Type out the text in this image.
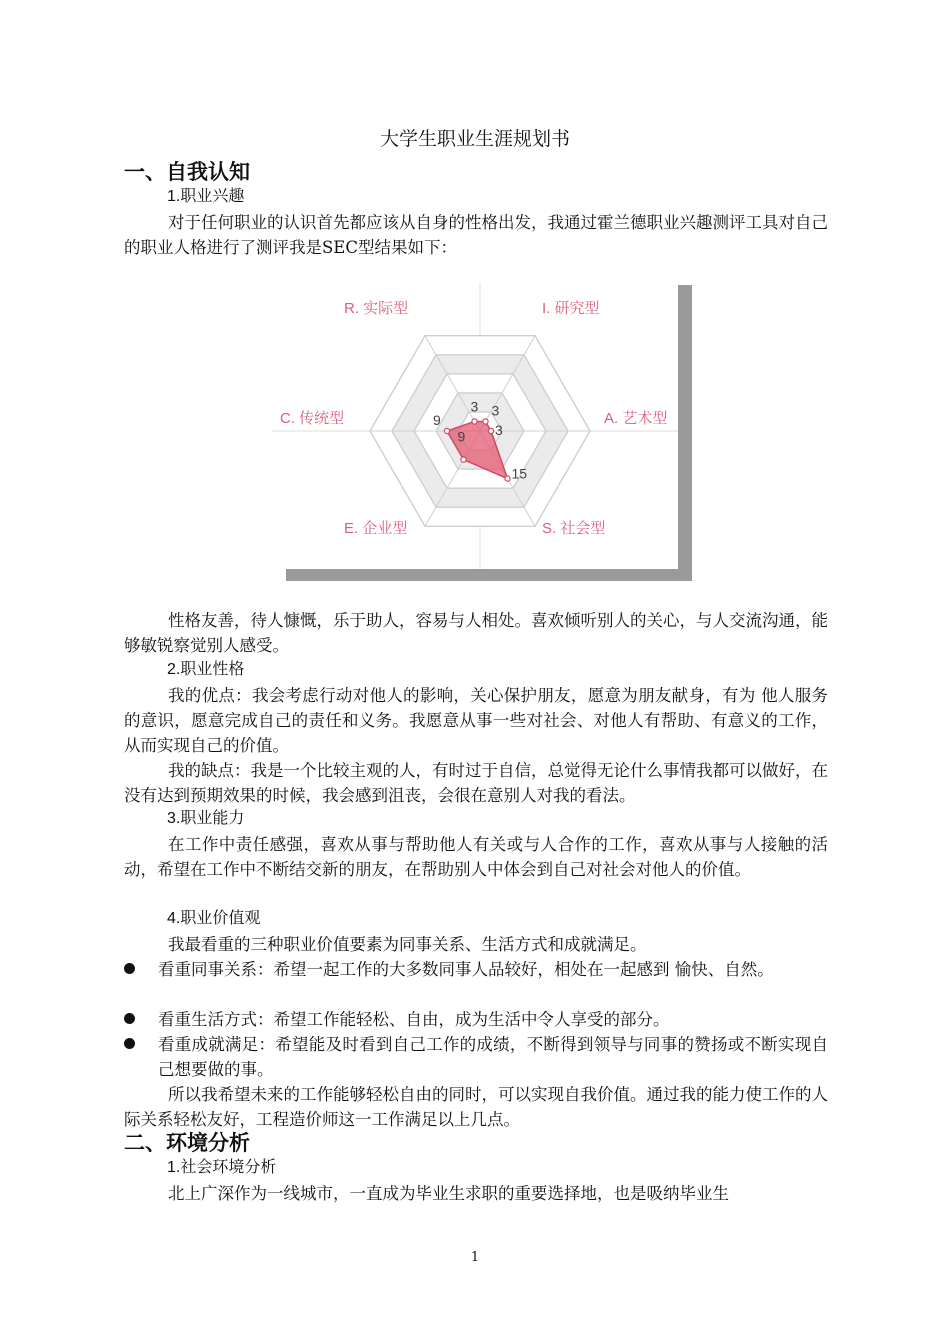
大学生职业生涯规划书
一、自我认知
1.职业兴趣

对于任何职业的认识首先都应该从自身的性格出发，我通过霍兰德职业兴趣测评工具对自己的职业人格进行了测评我是SEC型结果如下：

3 3
3
15
9
9
R. 实际型	I. 研究型
A. 艺术型
S. 社会型
E. 企业型
C. 传统型

性格友善，待人慷慨，乐于助人，容易与人相处。喜欢倾听别人的关心，与人交流沟通，能够敏锐察觉别人感受。

2.职业性格

我的优点：我会考虑行动对他人的影响，关心保护朋友，愿意为朋友献身，有为 他人服务的意识，愿意完成自己的责任和义务。我愿意从事一些对社会、对他人有帮助、有意义的工作，从而实现自己的价值。

我的缺点：我是一个比较主观的人，有时过于自信，总觉得无论什么事情我都可以做好，在没有达到预期效果的时候，我会感到沮丧，会很在意别人对我的看法。

3.职业能力

在工作中责任感强，喜欢从事与帮助他人有关或与人合作的工作，喜欢从事与人接触的活动，希望在工作中不断结交新的朋友，在帮助别人中体会到自己对社会对他人的价值。

4.职业价值观

我最看重的三种职业价值要素为同事关系、生活方式和成就满足。

看重同事关系：希望一起工作的大多数同事人品较好，相处在一起感到 愉快、自然。
看重生活方式：希望工作能轻松、自由，成为生活中令人享受的部分。
看重成就满足：希望能及时看到自己工作的成绩，不断得到领导与同事的赞扬或不断实现自己想要做的事。

所以我希望未来的工作能够轻松自由的同时，可以实现自我价值。通过我的能力使工作的人际关系轻松友好，工程造价师这一工作满足以上几点。

二、环境分析
1.社会环境分析

北上广深作为一线城市，一直成为毕业生求职的重要选择地，也是吸纳毕业生

1
